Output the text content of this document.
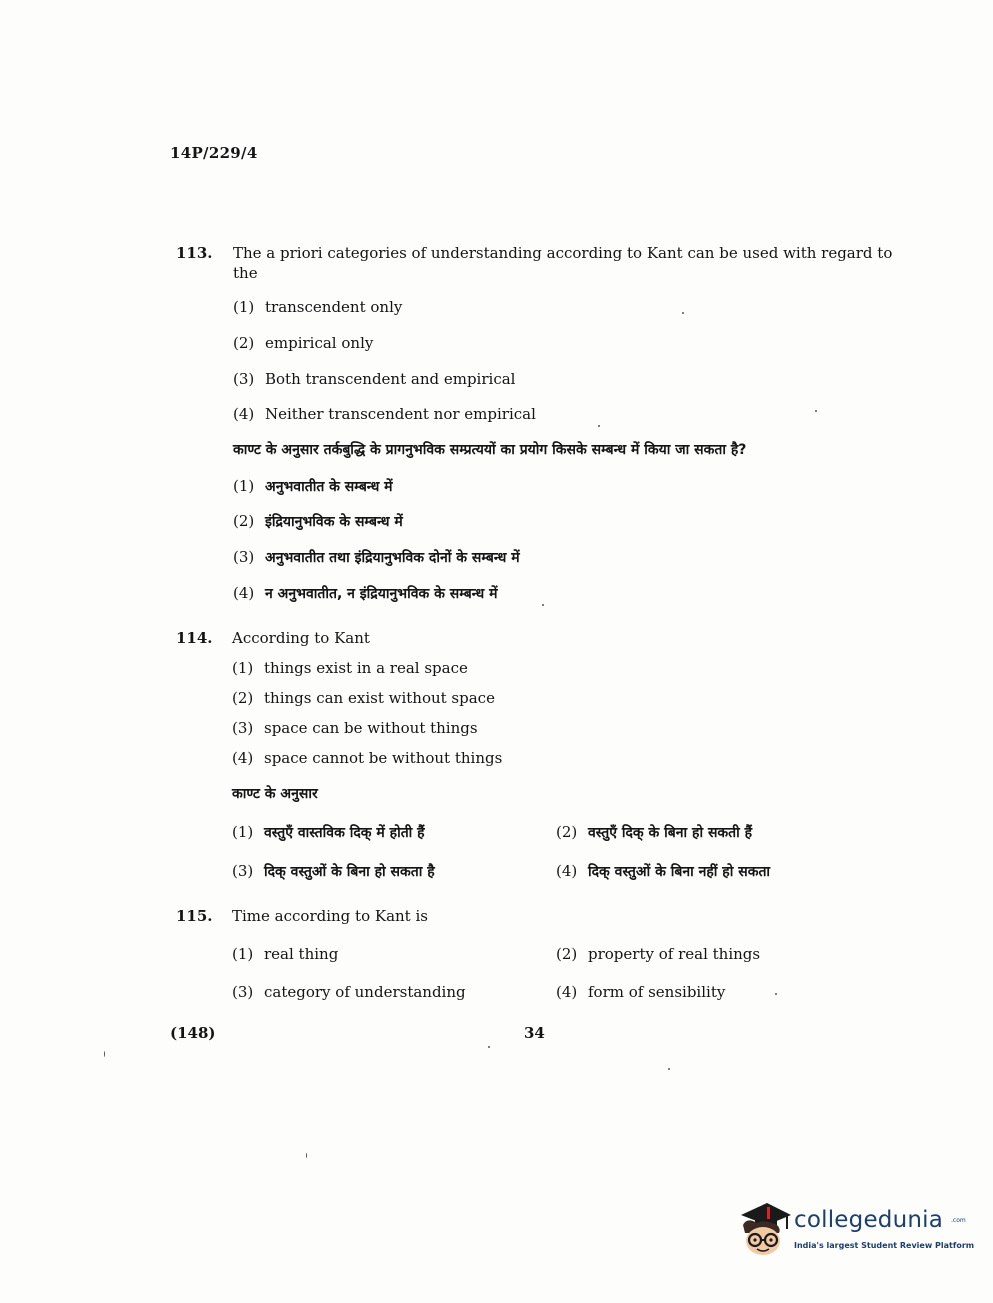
14P/229/4
113. The a priori categories of understanding according to Kant can be used with regard to
the
(1) transcendent only
(2) empirical only
(3) Both transcendent and empirical
(4) Neither transcendent nor empirical
काण्ट के अनुसार तर्कबुद्धि के प्रागनुभविक सम्प्रत्ययों का प्रयोग किसके सम्बन्ध में किया जा सकता है?
(1) अनुभवातीत के सम्बन्ध में
(2) इंद्रियानुभविक के सम्बन्ध में
(3) अनुभवातीत तथा इंद्रियानुभविक दोनों के सम्बन्ध में
(4) न अनुभवातीत, न इंद्रियानुभविक के सम्बन्ध में
114. According to Kant
(1) things exist in a real space
(2) things can exist without space
(3) space can be without things
(4) space cannot be without things
काण्ट के अनुसार
(1) वस्तुएँ वास्तविक दिक् में होती हैं	(2) वस्तुएँ दिक् के बिना हो सकती हैं
(3) दिक् वस्तुओं के बिना हो सकता है	(4) दिक् वस्तुओं के बिना नहीं हो सकता
115. Time according to Kant is
(1) real thing	(2) property of real things
(3) category of understanding	(4) form of sensibility
(148)	34
collegedunia .com
India's largest Student Review Platform
